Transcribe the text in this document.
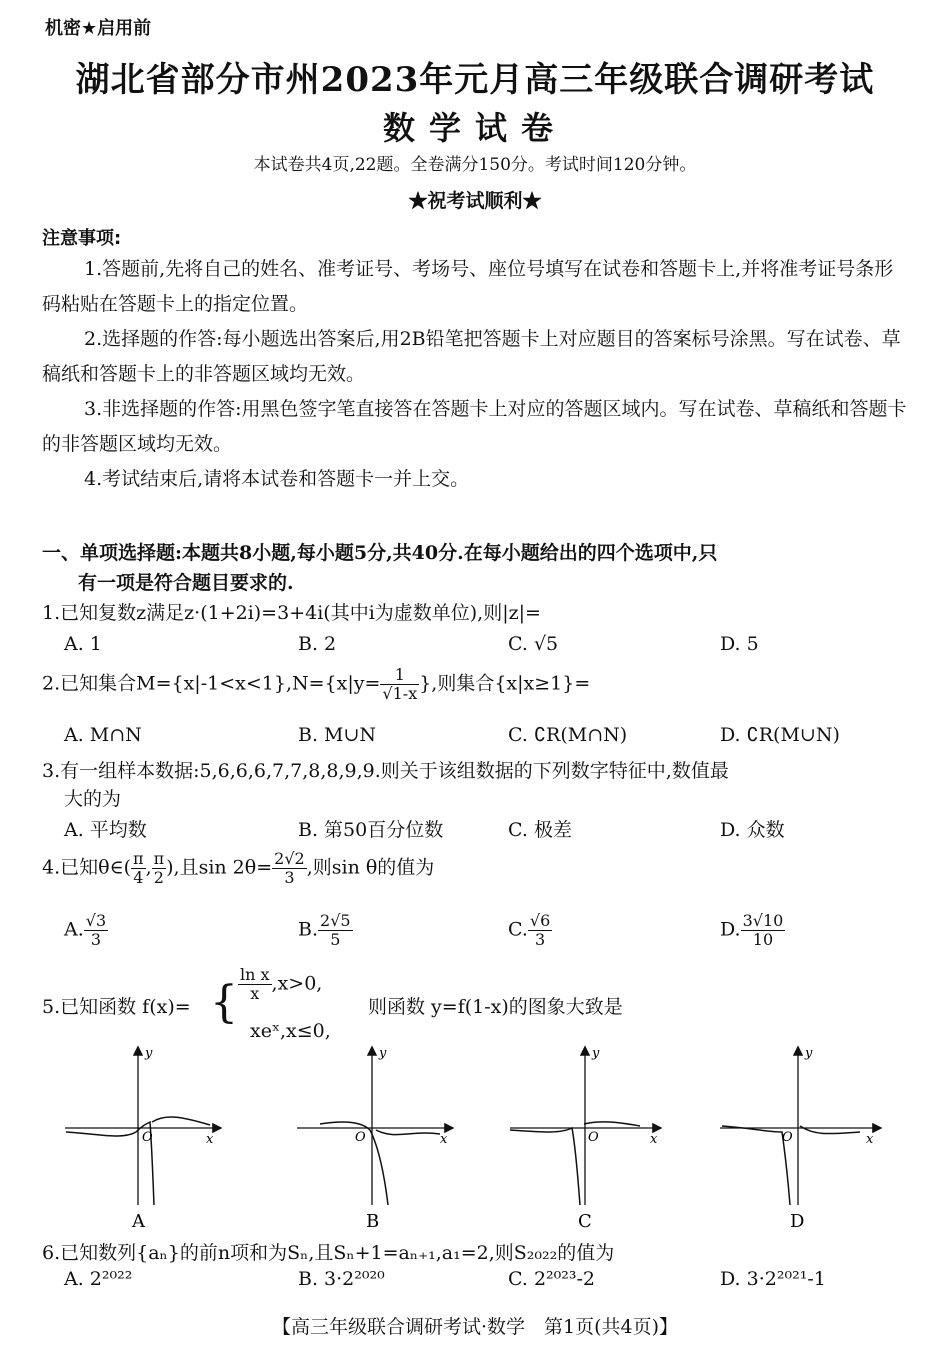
机密★启用前
湖北省部分市州2023年元月高三年级联合调研考试
数学试卷
本试卷共4页,22题。全卷满分150分。考试时间120分钟。
★祝考试顺利★
注意事项:
1.答题前,先将自己的姓名、准考证号、考场号、座位号填写在试卷和答题卡上,并将准考证号条形码粘贴在答题卡上的指定位置。
2.选择题的作答:每小题选出答案后,用2B铅笔把答题卡上对应题目的答案标号涂黑。写在试卷、草稿纸和答题卡上的非答题区域均无效。
3.非选择题的作答:用黑色签字笔直接答在答题卡上对应的答题区域内。写在试卷、草稿纸和答题卡的非答题区域均无效。
4.考试结束后,请将本试卷和答题卡一并上交。
一、单项选择题:本题共8小题,每小题5分,共40分.在每小题给出的四个选项中,只
有一项是符合题目要求的.
1.已知复数z满足z·(1+2i)=3+4i(其中i为虚数单位),则|z|=
A. 1	B. 2	C. √5	D. 5
2.已知集合$M=\{x|-1<x<1\},N=\{x|y= \frac{1}{√1-x}$ },则集合{x|x≥1}=
A. M∩N	B. M∪N	C. ∁R(M∩N)	D. ∁R(M∪N)
3.有一组样本数据:5,6,6,6,7,7,8,8,9,9.则关于该组数据的下列数字特征中,数值最
大的为
A. 平均数	B. 第50百分位数	C. 极差	D. 众数
4.已知θ∈( $\frac{\pi}{4}$ , $\frac{\pi}{2}$ ),且$\sin 2\theta= \frac{2√2}{3}$ ,则sin θ的值为
A. $\frac{√3}{3}$	B. $\frac{2√5}{5}$	C. $\frac{√6}{3}$	D. $\frac{3√10}{10}$
5.已知函数 f(x)= { $\frac{\text{ln x}}{x} ,x>0$,
xeˣ,x≤0,
则函数 y=f(1-x)的图象大致是
O	x
y
A
O	x
y
B
O	x
y
C
O	x
y
D
6.已知数列{aₙ}的前n项和为Sₙ,且Sₙ+1=aₙ₊₁,a₁=2,则S₂₀₂₂的值为
A. 2²⁰²²	B. 3·2²⁰²⁰	C. 2²⁰²³-2	D. 3·2²⁰²¹-1
【高三年级联合调研考试·数学　第1页(共4页)】
